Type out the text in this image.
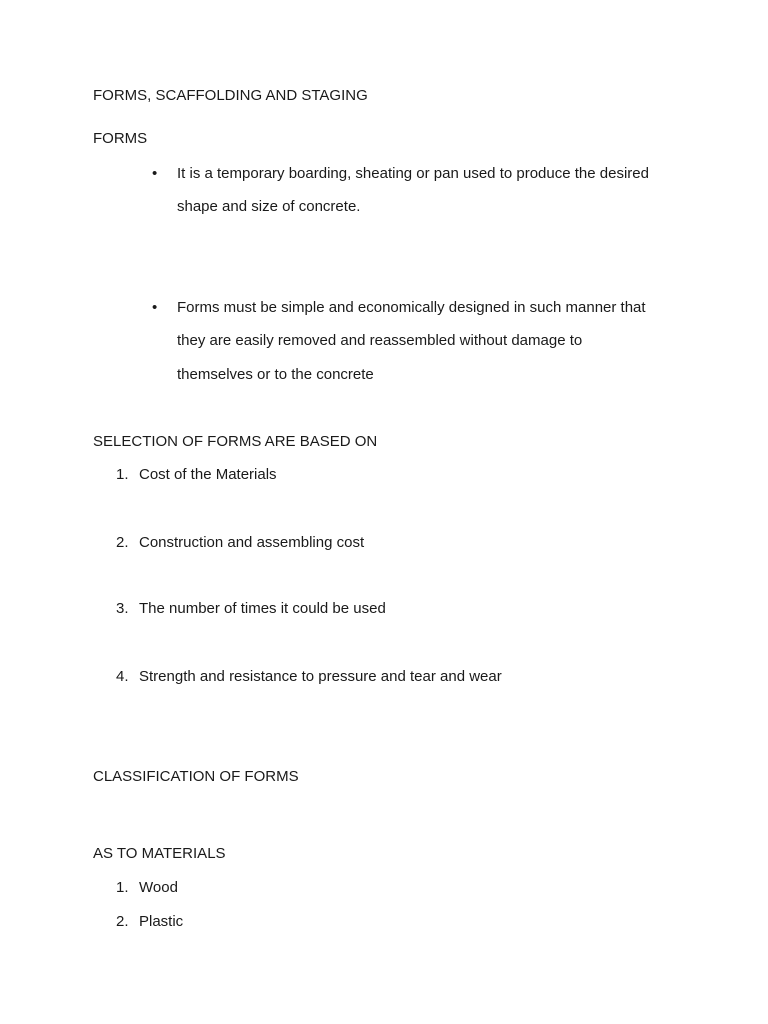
FORMS, SCAFFOLDING AND STAGING
FORMS
• It is a temporary boarding, sheating or pan used to produce the desired
shape and size of concrete.
• Forms must be simple and economically designed in such manner that
they are easily removed and reassembled without damage to
themselves or to the concrete
SELECTION OF FORMS ARE BASED ON
1. Cost of the Materials
2. Construction and assembling cost
3. The number of times it could be used
4. Strength and resistance to pressure and tear and wear
CLASSIFICATION OF FORMS
AS TO MATERIALS
1. Wood
2. Plastic
